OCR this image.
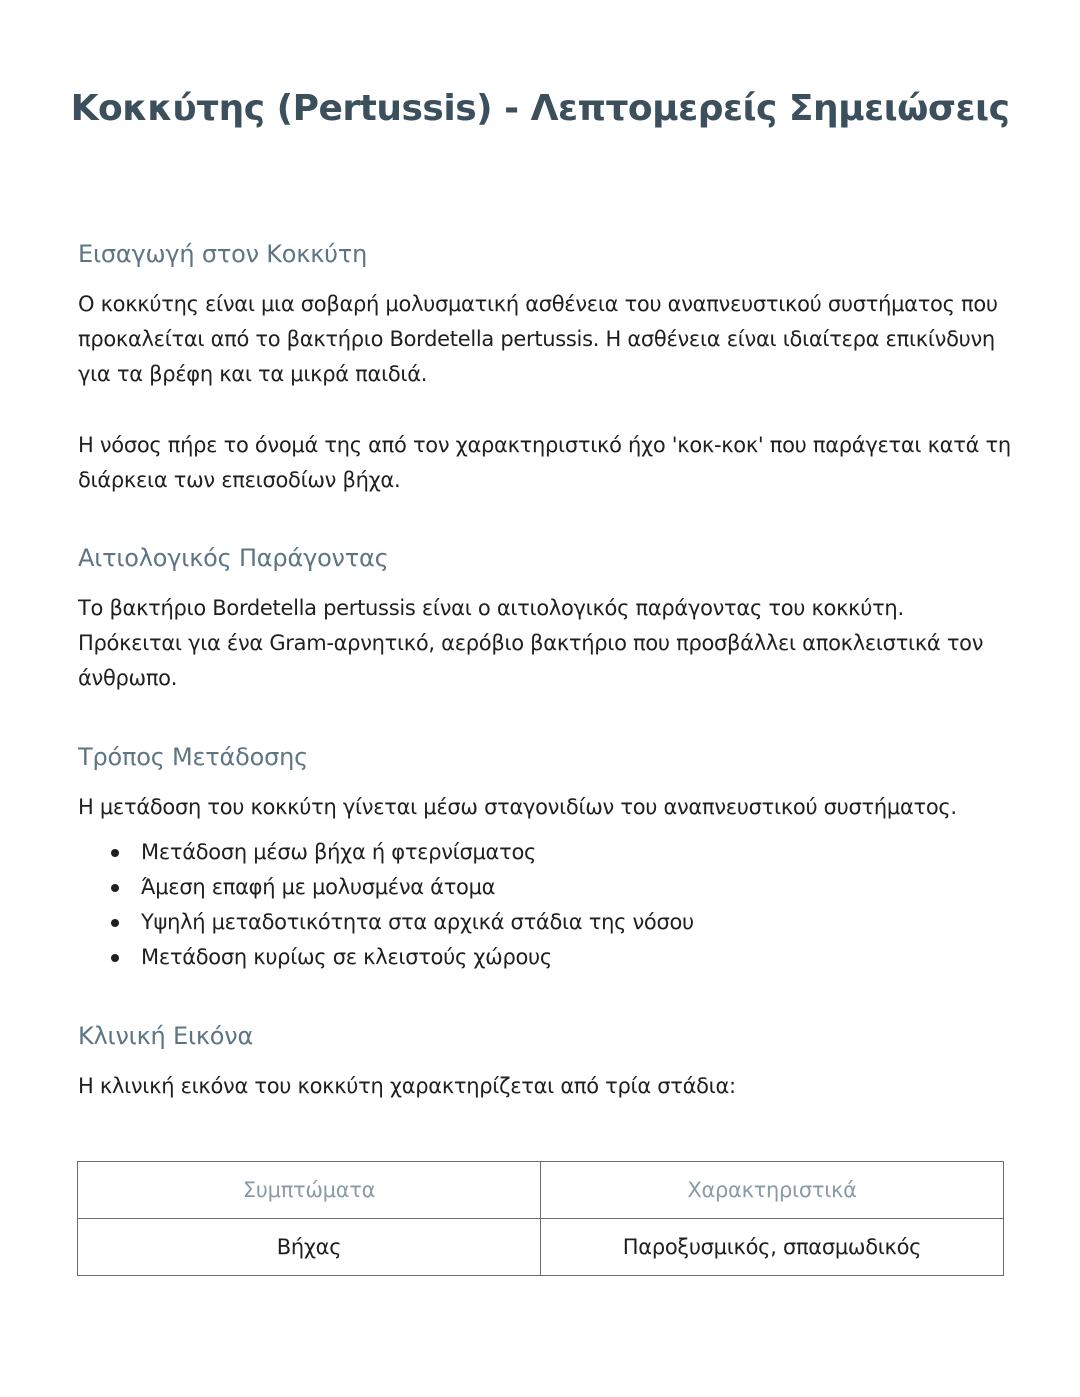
Κοκκύτης (Pertussis) - Λεπτομερείς Σημειώσεις
Εισαγωγή στον Κοκκύτη

Ο κοκκύτης είναι μια σοβαρή μολυσματική ασθένεια του αναπνευστικού συστήματος που προκαλείται από το βακτήριο Bordetella pertussis. Η ασθένεια είναι ιδιαίτερα επικίνδυνη για τα βρέφη και τα μικρά παιδιά.

Η νόσος πήρε το όνομά της από τον χαρακτηριστικό ήχο 'κοκ-κοκ' που παράγεται κατά τη διάρκεια των επεισοδίων βήχα.

Αιτιολογικός Παράγοντας

Το βακτήριο Bordetella pertussis είναι ο αιτιολογικός παράγοντας του κοκκύτη. Πρόκειται για ένα Gram-αρνητικό, αερόβιο βακτήριο που προσβάλλει αποκλειστικά τον άνθρωπο.

Τρόπος Μετάδοσης

Η μετάδοση του κοκκύτη γίνεται μέσω σταγονιδίων του αναπνευστικού συστήματος.

Μετάδοση μέσω βήχα ή φτερνίσματος
Άμεση επαφή με μολυσμένα άτομα
Υψηλή μεταδοτικότητα στα αρχικά στάδια της νόσου
Μετάδοση κυρίως σε κλειστούς χώρους
Κλινική Εικόνα

Η κλινική εικόνα του κοκκύτη χαρακτηρίζεται από τρία στάδια:

Συμπτώματα	Χαρακτηριστικά
Βήχας	Παροξυσμικός, σπασμωδικός
